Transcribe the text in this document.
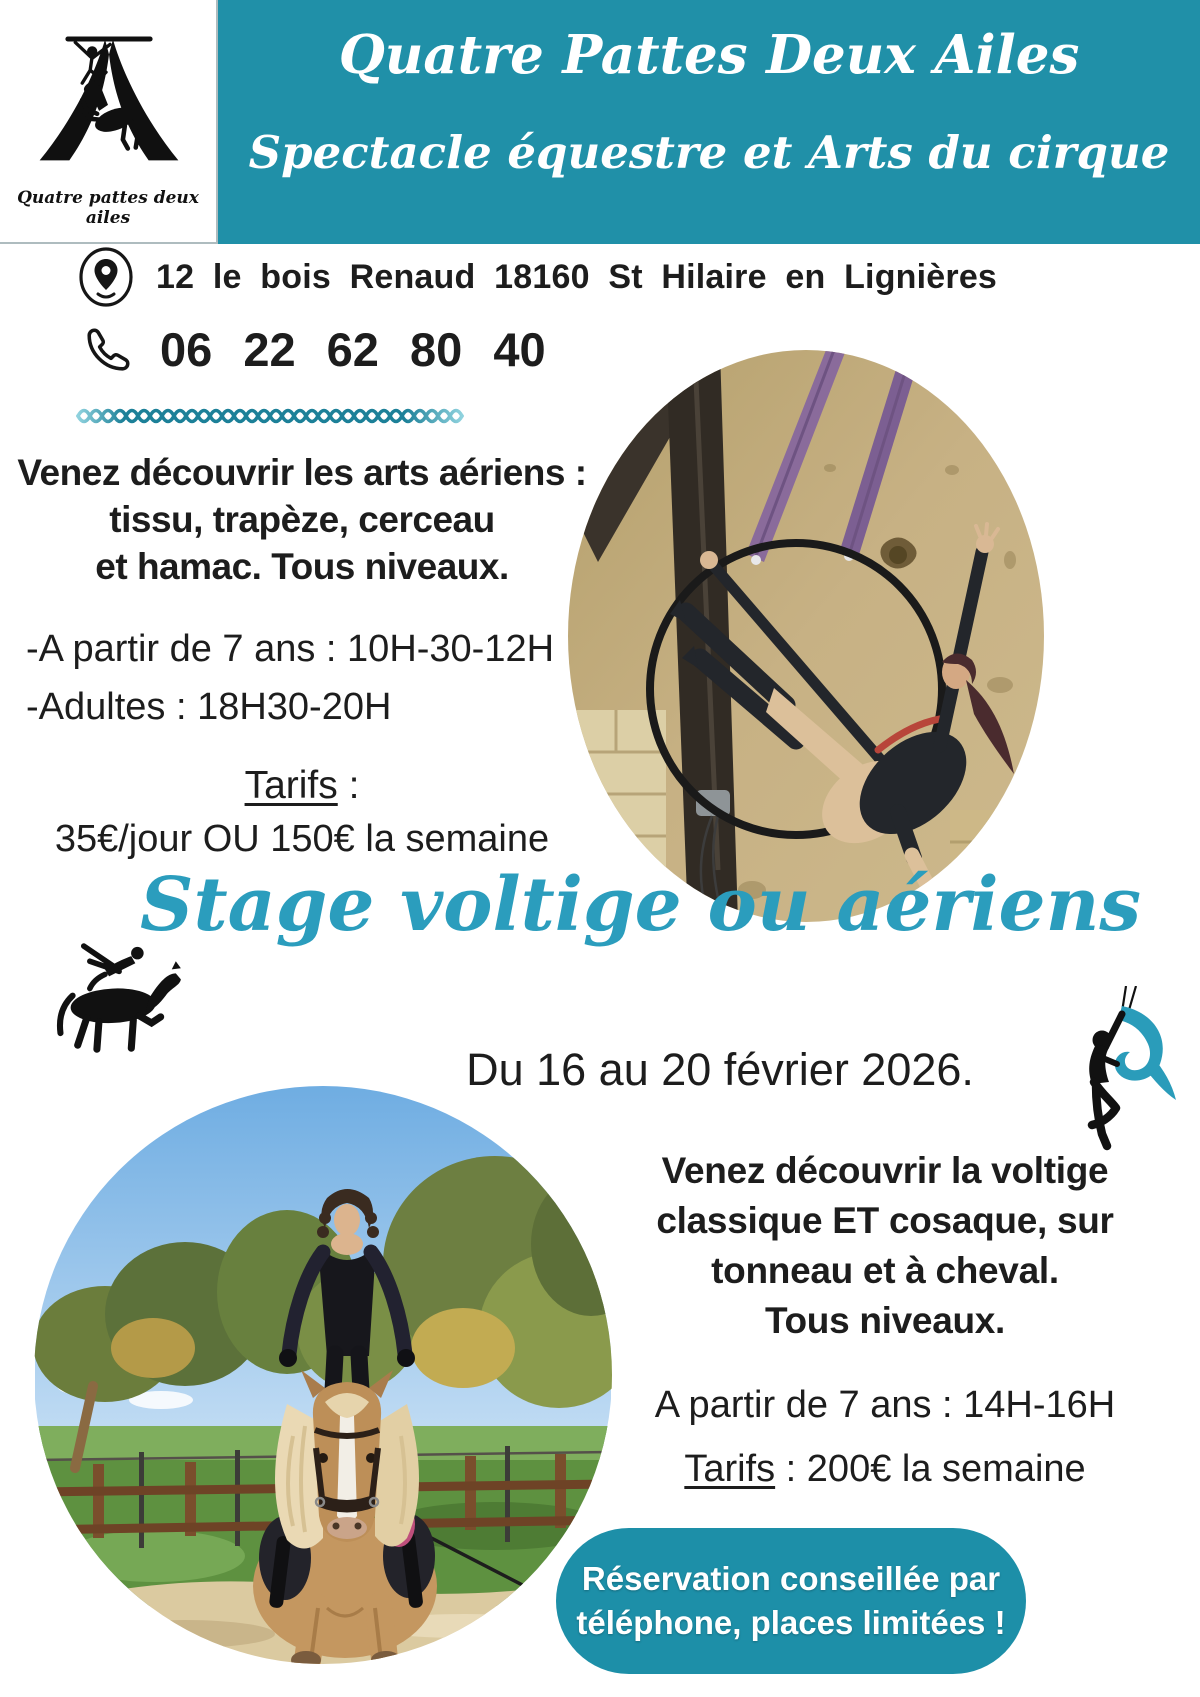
Quatre Pattes Deux Ailes
Spectacle équestre et Arts du cirque
Quatre pattes deux ailes
12 le bois Renaud 18160 St Hilaire en Lignières
06 22 62 80 40
Venez découvrir les arts aériens :
tissu, trapèze, cerceau
et hamac. Tous niveaux.
-A partir de 7 ans : 10H-30-12H
-Adultes : 18H30-20H
Tarifs :
35€/jour OU 150€ la semaine
Stage voltige ou aériens
Du 16 au 20 février 2026.
Venez découvrir la voltige
classique ET cosaque, sur
tonneau et à cheval.
Tous niveaux.
A partir de 7 ans : 14H-16H
Tarifs : 200€ la semaine
Réservation conseillée par
téléphone, places limitées !
